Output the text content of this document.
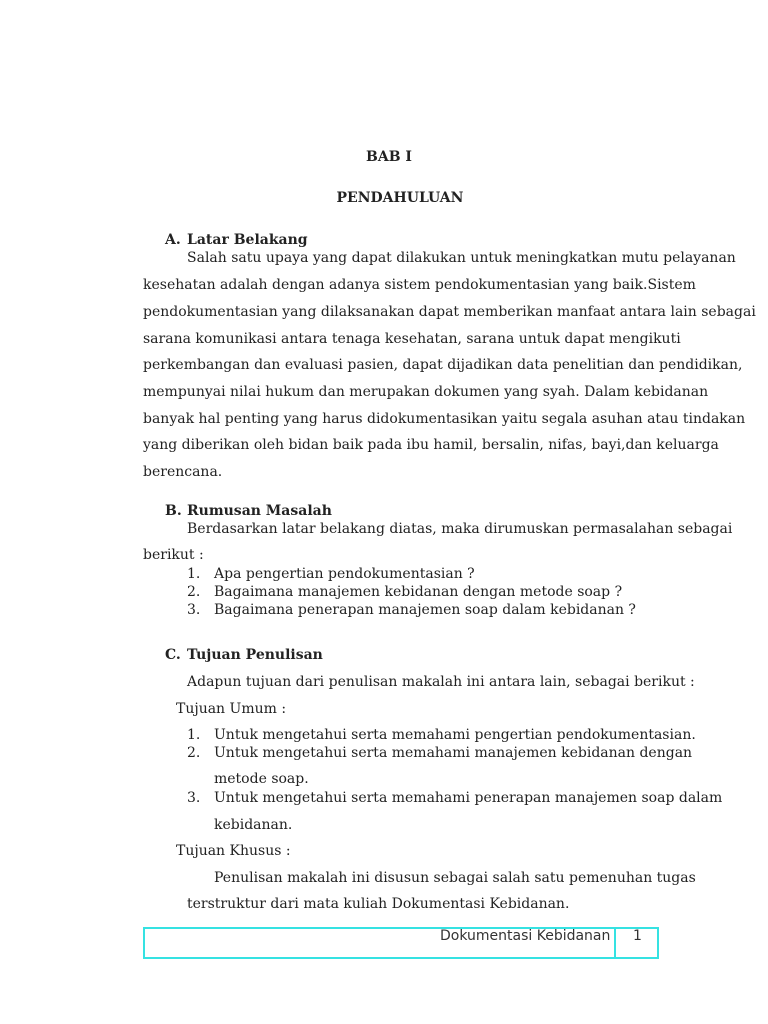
BAB I
PENDAHULUAN
A. Latar Belakang
Salah satu upaya yang dapat dilakukan untuk meningkatkan mutu pelayanan
kesehatan adalah dengan adanya sistem pendokumentasian yang baik.Sistem
pendokumentasian yang dilaksanakan dapat memberikan manfaat antara lain sebagai
sarana komunikasi antara tenaga kesehatan, sarana untuk dapat mengikuti
perkembangan dan evaluasi pasien, dapat dijadikan data penelitian dan pendidikan,
mempunyai nilai hukum dan merupakan dokumen yang syah. Dalam kebidanan
banyak hal penting yang harus didokumentasikan yaitu segala asuhan atau tindakan
yang diberikan oleh bidan baik pada ibu hamil, bersalin, nifas, bayi,dan keluarga
berencana.
B. Rumusan Masalah
Berdasarkan latar belakang diatas, maka dirumuskan permasalahan sebagai
berikut :
1. Apa pengertian pendokumentasian ?
2. Bagaimana manajemen kebidanan dengan metode soap ?
3. Bagaimana penerapan manajemen soap dalam kebidanan ?
C. Tujuan Penulisan
Adapun tujuan dari penulisan makalah ini antara lain, sebagai berikut :
Tujuan Umum :
1. Untuk mengetahui serta memahami pengertian pendokumentasian.
2. Untuk mengetahui serta memahami manajemen kebidanan dengan
metode soap.
3. Untuk mengetahui serta memahami penerapan manajemen soap dalam
kebidanan.
Tujuan Khusus :
Penulisan makalah ini disusun sebagai salah satu pemenuhan tugas
terstruktur dari mata kuliah Dokumentasi Kebidanan.
Dokumentasi Kebidanan 1
